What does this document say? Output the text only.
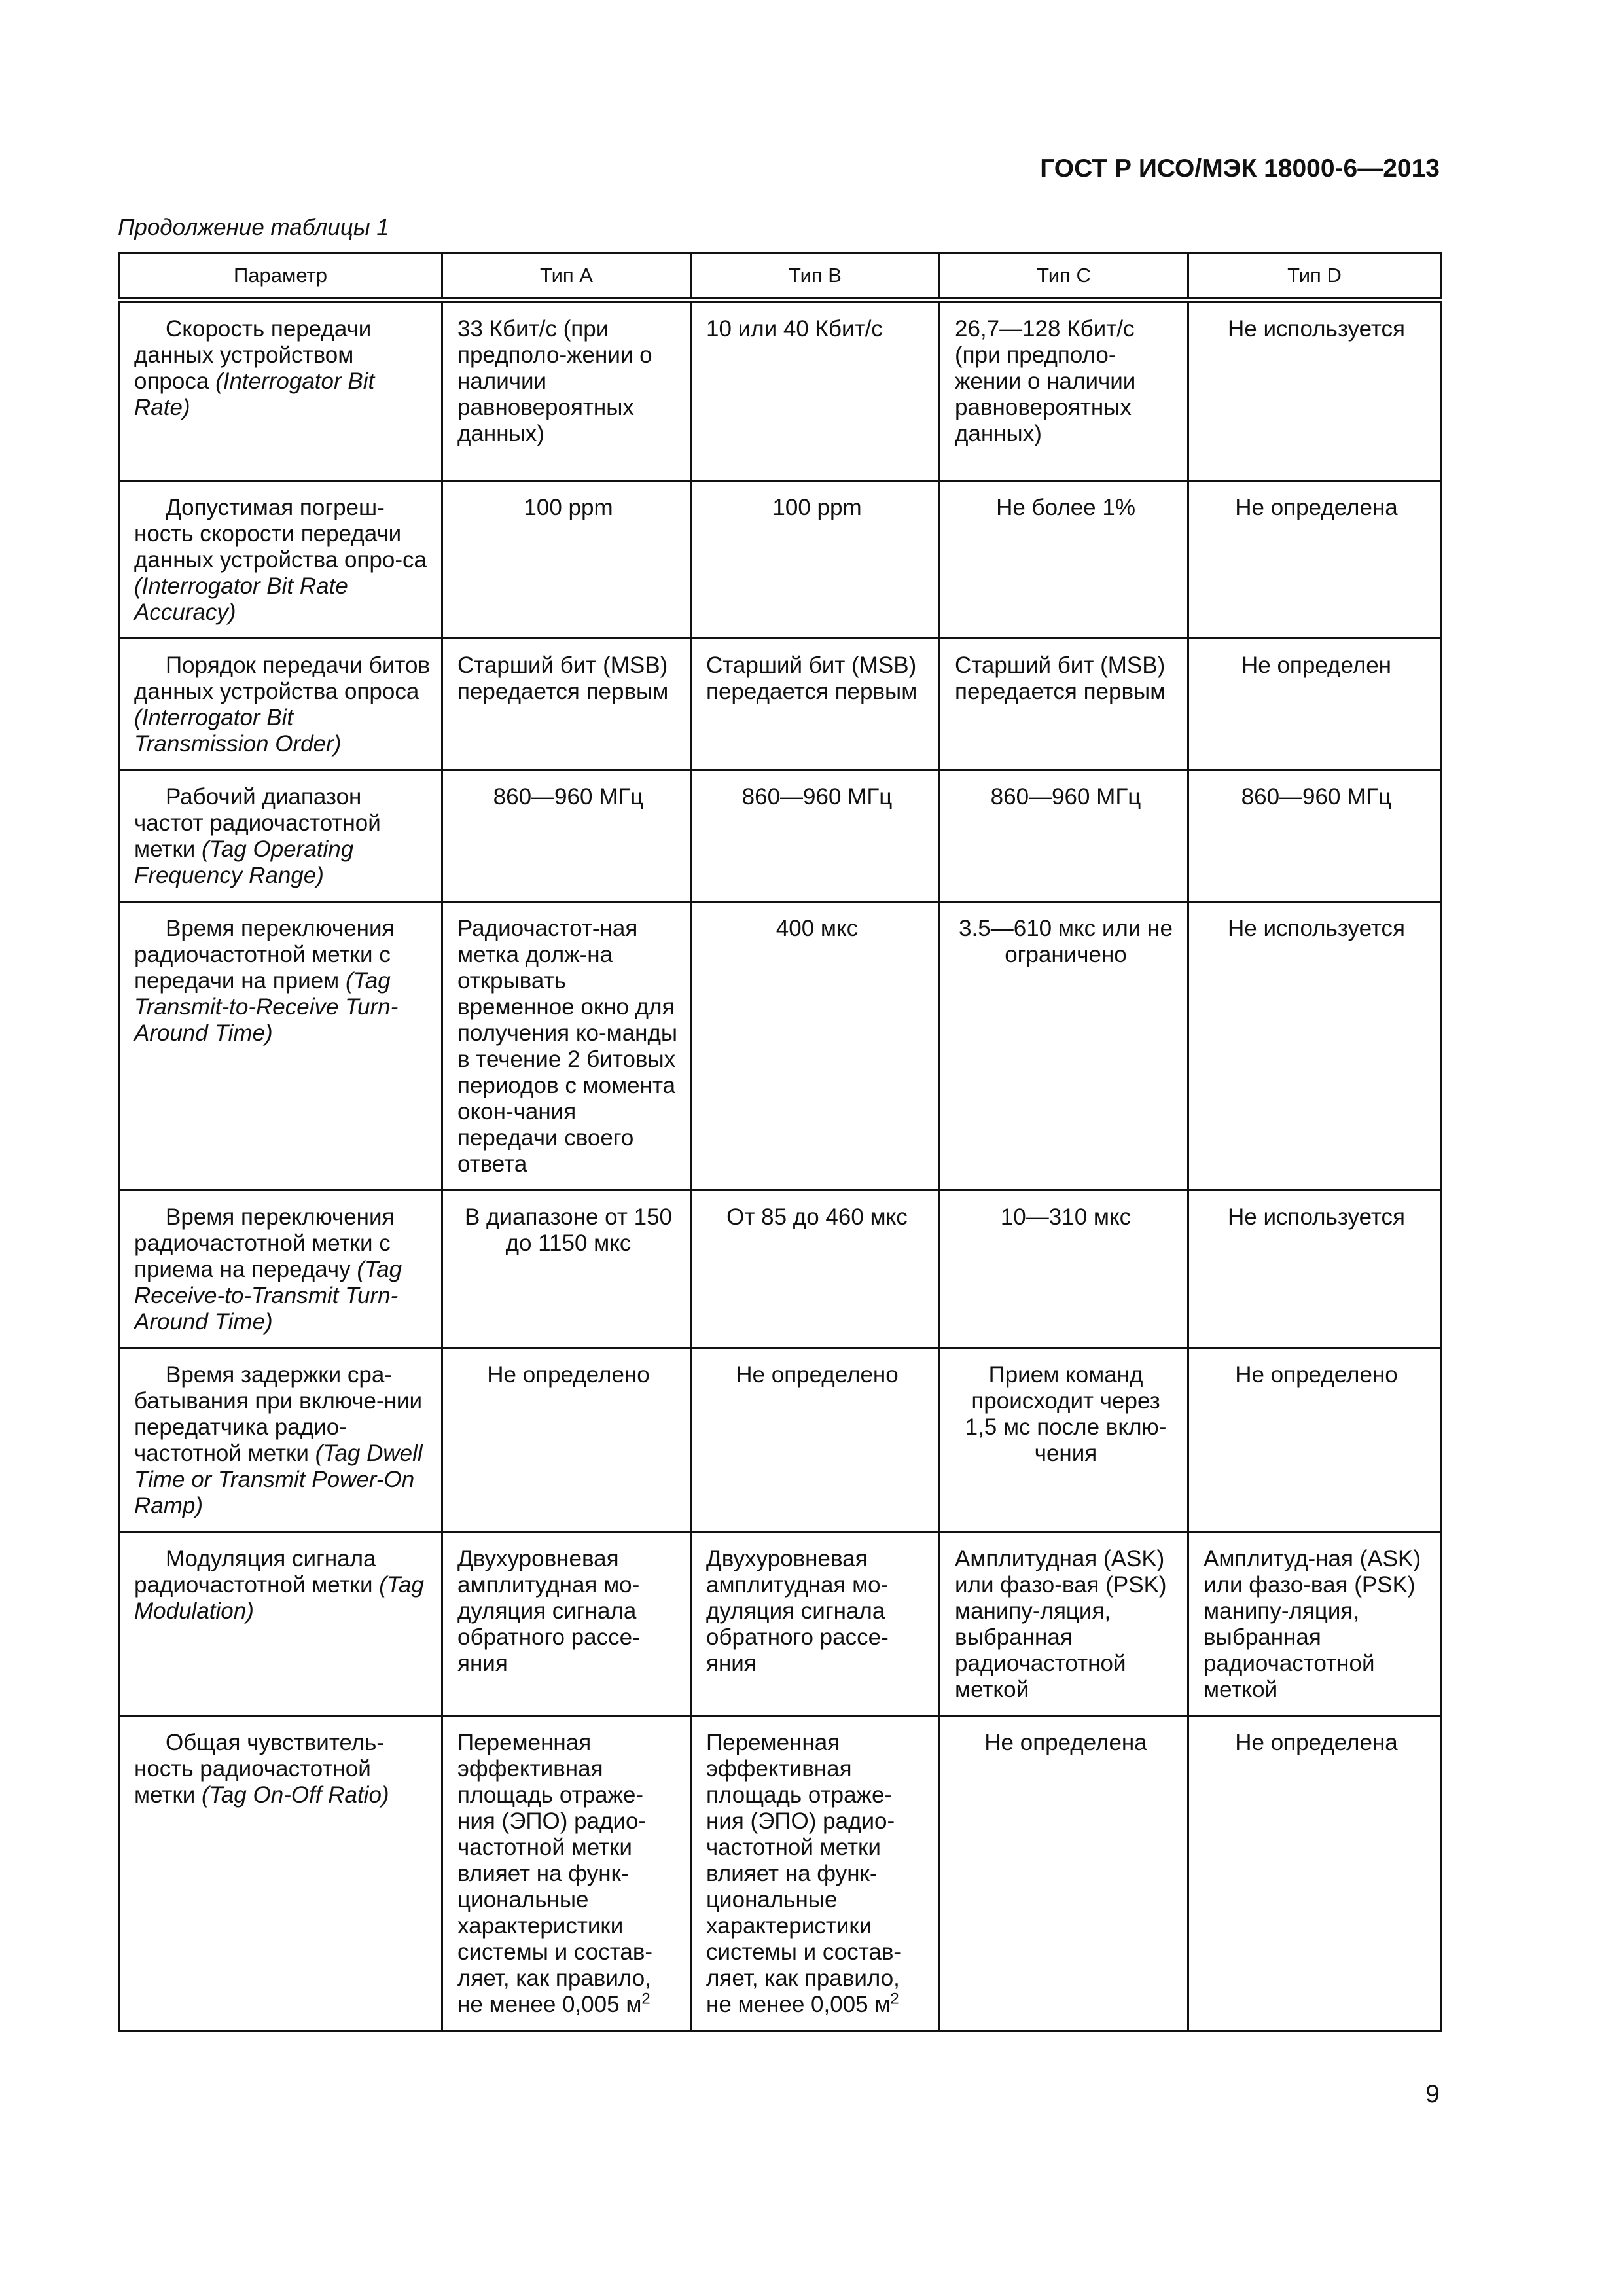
ГОСТ Р ИСО/МЭК 18000-6—2013
Продолжение таблицы 1
Параметр	Тип A	Тип B	Тип C	Тип D
Скорость передачи данных устройством опроса (Interrogator Bit Rate)	33 Кбит/с (при предполо-жении о наличии равновероятных данных)	10 или 40 Кбит/с	26,7—128 Кбит/с (при предполо-жении о наличии равновероятных данных)	Не используется
Допустимая погреш-ность скорости передачи данных устройства опро-са (Interrogator Bit Rate Accuracy)	100 ppm	100 ppm	Не более 1%	Не определена
Порядок передачи битов данных устройства опроса (Interrogator Bit Transmission Order)	Старший бит (MSB) передается первым	Старший бит (MSB) передается первым	Старший бит (MSB) передается первым	Не определен
Рабочий диапазон частот радиочастотной метки (Tag Operating Frequency Range)	860—960 МГц	860—960 МГц	860—960 МГц	860—960 МГц
Время переключения радиочастотной метки с передачи на прием (Tag Transmit-to-Receive Turn-Around Time)	Радиочастот-ная метка долж-на открывать временное окно для получения ко-манды в течение 2 битовых периодов с момента окон-чания передачи своего ответа	400 мкс	3.5—610 мкс или не ограничено	Не используется
Время переключения радиочастотной метки с приема на передачу (Tag Receive-to-Transmit Turn-Around Time)	В диапазоне от 150 до 1150 мкс	От 85 до 460 мкс	10—310 мкс	Не используется
Время задержки сра-батывания при включе-нии передатчика радио-частотной метки (Tag Dwell Time or Transmit Power-On Ramp)	Не определено	Не определено	Прием команд происходит через 1,5 мс после вклю-чения	Не определено
Модуляция сигнала радиочастотной метки (Tag Modulation)	Двухуровневая амплитудная мо-дуляция сигнала обратного рассе-яния	Двухуровневая амплитудная мо-дуляция сигнала обратного рассе-яния	Амплитудная (ASK) или фазо-вая (PSK) манипу-ляция, выбранная радиочастотной меткой	Амплитуд-ная (ASK) или фазо-вая (PSK) манипу-ляция, выбранная радиочастотной меткой
Общая чувствитель-ность радиочастотной метки (Tag On-Off Ratio)	Переменная эффективная площадь отраже-ния (ЭПО) радио-частотной метки влияет на функ-циональные характеристики системы и состав-ляет, как правило, не менее 0,005 $м^2$	Переменная эффективная площадь отраже-ния (ЭПО) радио-частотной метки влияет на функ-циональные характеристики системы и состав-ляет, как правило, не менее 0,005 $м^2$	Не определена	Не определена
9
